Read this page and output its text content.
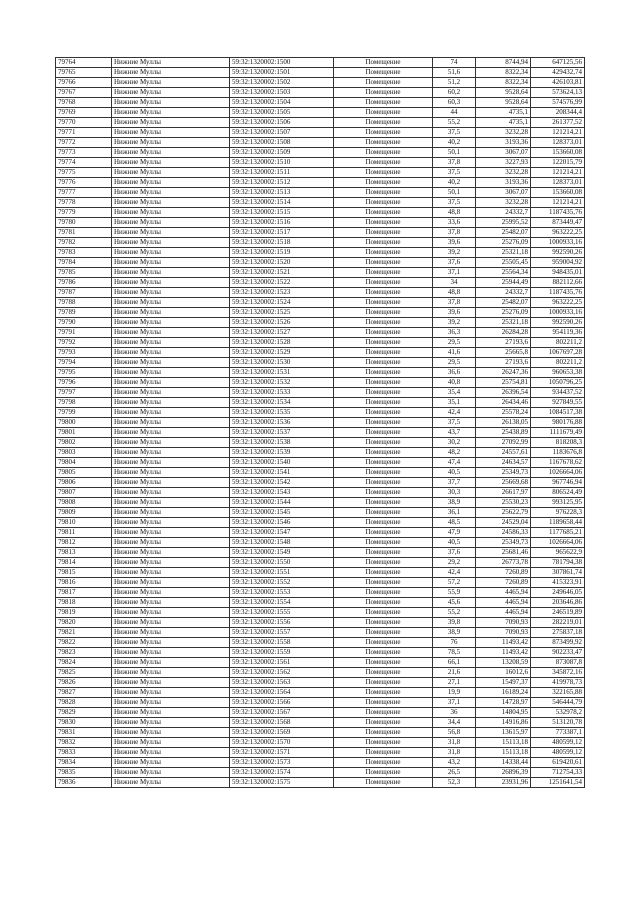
79764	Нижние Муллы	59:32:1320002:1500	Помещение	74	8744,94	647125,56
79765	Нижние Муллы	59:32:1320002:1501	Помещение	51,6	8322,34	429432,74
79766	Нижние Муллы	59:32:1320002:1502	Помещение	51,2	8322,34	426103,81
79767	Нижние Муллы	59:32:1320002:1503	Помещение	60,2	9528,64	573624,13
79768	Нижние Муллы	59:32:1320002:1504	Помещение	60,3	9528,64	574576,99
79769	Нижние Муллы	59:32:1320002:1505	Помещение	44	4735,1	208344,4
79770	Нижние Муллы	59:32:1320002:1506	Помещение	55,2	4735,1	261377,52
79771	Нижние Муллы	59:32:1320002:1507	Помещение	37,5	3232,28	121214,21
79772	Нижние Муллы	59:32:1320002:1508	Помещение	40,2	3193,36	128373,01
79773	Нижние Муллы	59:32:1320002:1509	Помещение	50,1	3067,07	153660,08
79774	Нижние Муллы	59:32:1320002:1510	Помещение	37,8	3227,93	122015,79
79775	Нижние Муллы	59:32:1320002:1511	Помещение	37,5	3232,28	121214,21
79776	Нижние Муллы	59:32:1320002:1512	Помещение	40,2	3193,36	128373,01
79777	Нижние Муллы	59:32:1320002:1513	Помещение	50,1	3067,07	153660,08
79778	Нижние Муллы	59:32:1320002:1514	Помещение	37,5	3232,28	121214,21
79779	Нижние Муллы	59:32:1320002:1515	Помещение	48,8	24332,7	1187435,76
79780	Нижние Муллы	59:32:1320002:1516	Помещение	33,6	25995,52	873449,47
79781	Нижние Муллы	59:32:1320002:1517	Помещение	37,8	25482,07	963222,25
79782	Нижние Муллы	59:32:1320002:1518	Помещение	39,6	25276,09	1000933,16
79783	Нижние Муллы	59:32:1320002:1519	Помещение	39,2	25321,18	992590,26
79784	Нижние Муллы	59:32:1320002:1520	Помещение	37,6	25505,45	959004,92
79785	Нижние Муллы	59:32:1320002:1521	Помещение	37,1	25564,34	948435,01
79786	Нижние Муллы	59:32:1320002:1522	Помещение	34	25944,49	882112,66
79787	Нижние Муллы	59:32:1320002:1523	Помещение	48,8	24332,7	1187435,76
79788	Нижние Муллы	59:32:1320002:1524	Помещение	37,8	25482,07	963222,25
79789	Нижние Муллы	59:32:1320002:1525	Помещение	39,6	25276,09	1000933,16
79790	Нижние Муллы	59:32:1320002:1526	Помещение	39,2	25321,18	992590,26
79791	Нижние Муллы	59:32:1320002:1527	Помещение	36,3	26284,28	954119,36
79792	Нижние Муллы	59:32:1320002:1528	Помещение	29,5	27193,6	802211,2
79793	Нижние Муллы	59:32:1320002:1529	Помещение	41,6	25665,8	1067697,28
79794	Нижние Муллы	59:32:1320002:1530	Помещение	29,5	27193,6	802211,2
79795	Нижние Муллы	59:32:1320002:1531	Помещение	36,6	26247,36	960653,38
79796	Нижние Муллы	59:32:1320002:1532	Помещение	40,8	25754,81	1050796,25
79797	Нижние Муллы	59:32:1320002:1533	Помещение	35,4	26396,54	934437,52
79798	Нижние Муллы	59:32:1320002:1534	Помещение	35,1	26434,46	927849,55
79799	Нижние Муллы	59:32:1320002:1535	Помещение	42,4	25578,24	1084517,38
79800	Нижние Муллы	59:32:1320002:1536	Помещение	37,5	26138,05	980176,88
79801	Нижние Муллы	59:32:1320002:1537	Помещение	43,7	25438,89	1111679,49
79802	Нижние Муллы	59:32:1320002:1538	Помещение	30,2	27092,99	818208,3
79803	Нижние Муллы	59:32:1320002:1539	Помещение	48,2	24557,61	1183676,8
79804	Нижние Муллы	59:32:1320002:1540	Помещение	47,4	24634,57	1167678,62
79805	Нижние Муллы	59:32:1320002:1541	Помещение	40,5	25349,73	1026664,06
79806	Нижние Муллы	59:32:1320002:1542	Помещение	37,7	25669,68	967746,94
79807	Нижние Муллы	59:32:1320002:1543	Помещение	30,3	26617,97	806524,49
79808	Нижние Муллы	59:32:1320002:1544	Помещение	38,9	25530,23	993125,95
79809	Нижние Муллы	59:32:1320002:1545	Помещение	36,1	25622,79	976228,3
79810	Нижние Муллы	59:32:1320002:1546	Помещение	48,5	24529,04	1189658,44
79811	Нижние Муллы	59:32:1320002:1547	Помещение	47,9	24586,33	1177685,21
79812	Нижние Муллы	59:32:1320002:1548	Помещение	40,5	25349,73	1026664,06
79813	Нижние Муллы	59:32:1320002:1549	Помещение	37,6	25681,46	965622,9
79814	Нижние Муллы	59:32:1320002:1550	Помещение	29,2	26773,78	781794,38
79815	Нижние Муллы	59:32:1320002:1551	Помещение	42,4	7260,89	307861,74
79816	Нижние Муллы	59:32:1320002:1552	Помещение	57,2	7260,89	415323,91
79817	Нижние Муллы	59:32:1320002:1553	Помещение	55,9	4465,94	249646,05
79818	Нижние Муллы	59:32:1320002:1554	Помещение	45,6	4465,94	203646,86
79819	Нижние Муллы	59:32:1320002:1555	Помещение	55,2	4465,94	246519,89
79820	Нижние Муллы	59:32:1320002:1556	Помещение	39,8	7090,93	282219,01
79821	Нижние Муллы	59:32:1320002:1557	Помещение	38,9	7090,93	275837,18
79822	Нижние Муллы	59:32:1320002:1558	Помещение	76	11493,42	873499,92
79823	Нижние Муллы	59:32:1320002:1559	Помещение	78,5	11493,42	902233,47
79824	Нижние Муллы	59:32:1320002:1561	Помещение	66,1	13208,59	873087,8
79825	Нижние Муллы	59:32:1320002:1562	Помещение	21,6	16012,6	345872,16
79826	Нижние Муллы	59:32:1320002:1563	Помещение	27,1	15497,37	419978,73
79827	Нижние Муллы	59:32:1320002:1564	Помещение	19,9	16189,24	322165,88
79828	Нижние Муллы	59:32:1320002:1566	Помещение	37,1	14728,97	546444,79
79829	Нижние Муллы	59:32:1320002:1567	Помещение	36	14804,95	532978,2
79830	Нижние Муллы	59:32:1320002:1568	Помещение	34,4	14916,86	513120,78
79831	Нижние Муллы	59:32:1320002:1569	Помещение	56,8	13615,97	773387,1
79832	Нижние Муллы	59:32:1320002:1570	Помещение	31,8	15113,18	480599,12
79833	Нижние Муллы	59:32:1320002:1571	Помещение	31,8	15113,18	480599,12
79834	Нижние Муллы	59:32:1320002:1573	Помещение	43,2	14338,44	619420,61
79835	Нижние Муллы	59:32:1320002:1574	Помещение	26,5	26896,39	712754,33
79836	Нижние Муллы	59:32:1320002:1575	Помещение	52,3	23931,96	1251641,54
